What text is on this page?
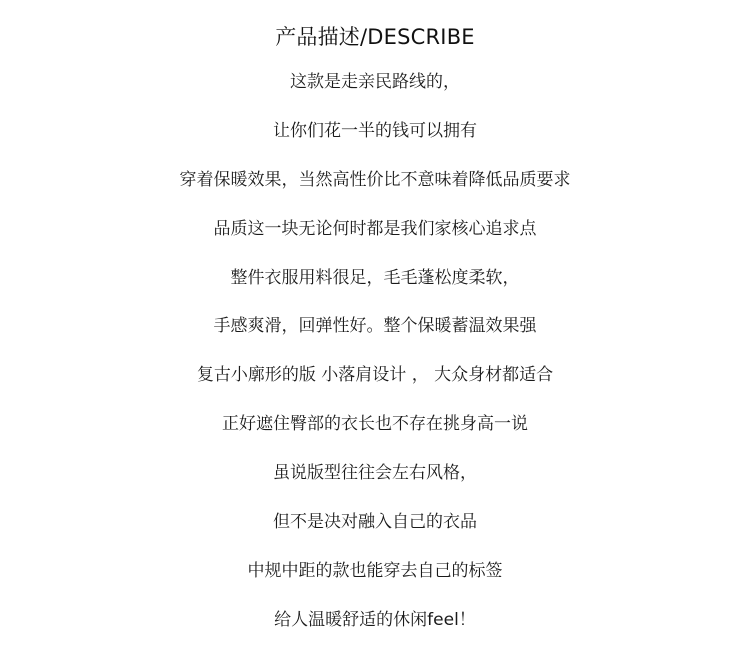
产品描述/DESCRIBE
这款是走亲民路线的，
让你们花一半的钱可以拥有
穿着保暖效果，当然高性价比不意味着降低品质要求
品质这一块无论何时都是我们家核心追求点
整件衣服用料很足，毛毛蓬松度柔软，
手感爽滑，回弹性好。整个保暖蓄温效果强
复古小廓形的版 小落肩设计 ， 大众身材都适合
正好遮住臀部的衣长也不存在挑身高一说
虽说版型往往会左右风格，
但不是决对融入自己的衣品
中规中距的款也能穿去自己的标签
给人温暖舒适的休闲feel！
